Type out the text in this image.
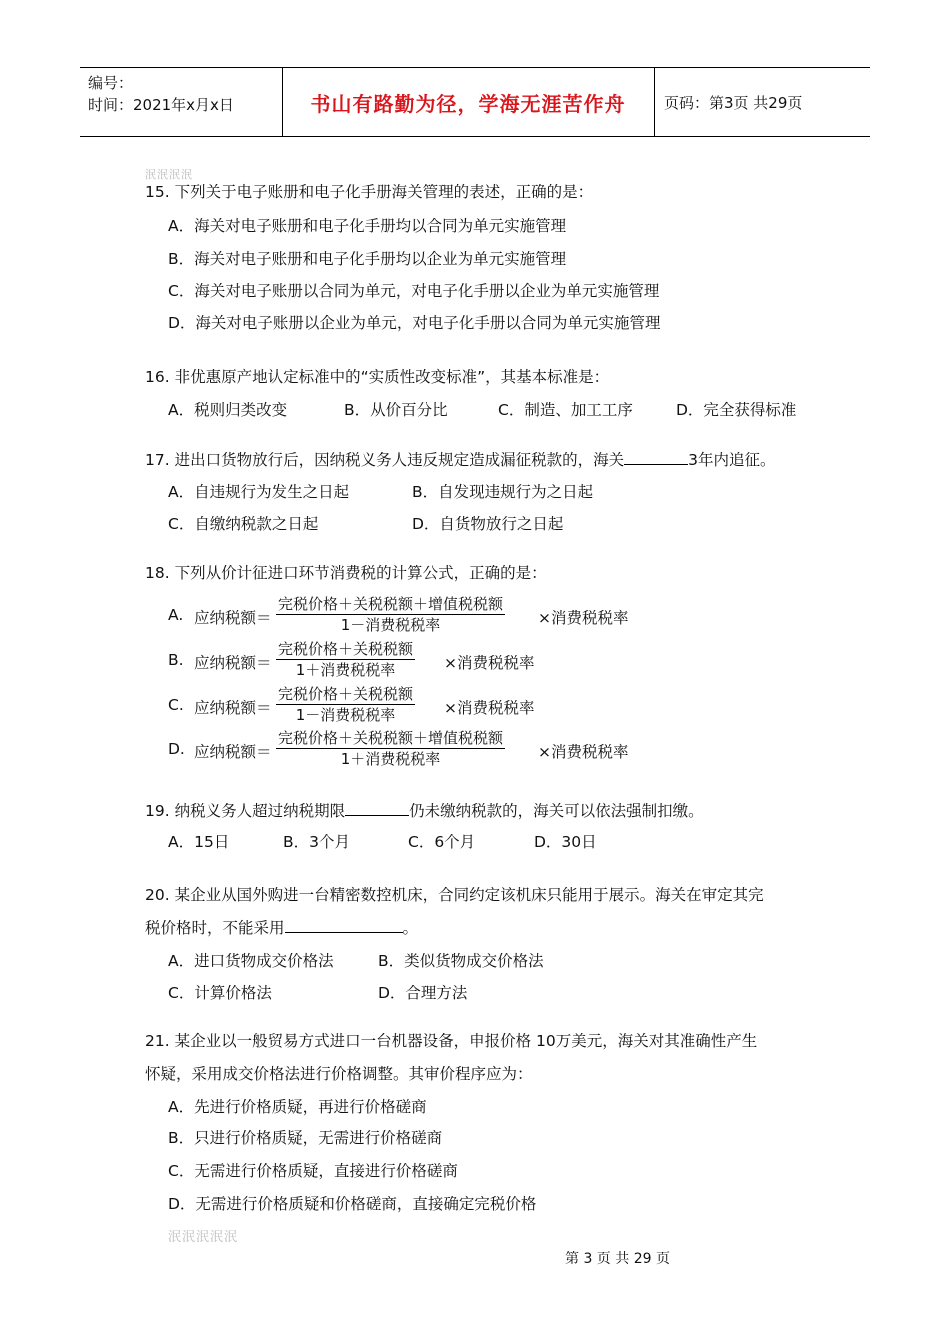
编号：
时间：2021年x月x日	书山有路勤为径，学海无涯苦作舟	页码：第3页 共29页
泯泯泯泯
15. 下列关于电子账册和电子化手册海关管理的表述，正确的是：
A．海关对电子账册和电子化手册均以合同为单元实施管理
B．海关对电子账册和电子化手册均以企业为单元实施管理
C．海关对电子账册以合同为单元，对电子化手册以企业为单元实施管理
D．海关对电子账册以企业为单元，对电子化手册以合同为单元实施管理
16. 非优惠原产地认定标准中的“实质性改变标准”，其基本标准是：
A．税则归类改变	B．从价百分比	C．制造、加工工序	D．完全获得标准
17. 进出口货物放行后，因纳税义务人违反规定造成漏征税款的，海关	3年内追征。
A．自违规行为发生之日起	B．自发现违规行为之日起
C．自缴纳税款之日起	D．自货物放行之日起
18. 下列从价计征进口环节消费税的计算公式，正确的是：
A. 应纳税额＝
完税价格＋关税税额＋增值税税额
1－消费税税率	×消费税税率
B. 应纳税额＝
完税价格＋关税税额
1＋消费税税率	×消费税税率
C. 应纳税额＝
完税价格＋关税税额
1－消费税税率	×消费税税率
D. 应纳税额＝
完税价格＋关税税额＋增值税税额
1＋消费税税率	×消费税税率
19. 纳税义务人超过纳税期限	仍未缴纳税款的，海关可以依法强制扣缴。
A．15日	B．3个月	C．6个月	D．30日
20. 某企业从国外购进一台精密数控机床，合同约定该机床只能用于展示。海关在审定其完
税价格时，不能采用	。
A．进口货物成交价格法	B．类似货物成交价格法
C．计算价格法	D．合理方法
21. 某企业以一般贸易方式进口一台机器设备，申报价格 10万美元，海关对其准确性产生
怀疑，采用成交价格法进行价格调整。其审价程序应为：
A．先进行价格质疑，再进行价格磋商
B．只进行价格质疑，无需进行价格磋商
C．无需进行价格质疑，直接进行价格磋商
D．无需进行价格质疑和价格磋商，直接确定完税价格
泯泯泯泯泯
第 3 页 共 29 页
